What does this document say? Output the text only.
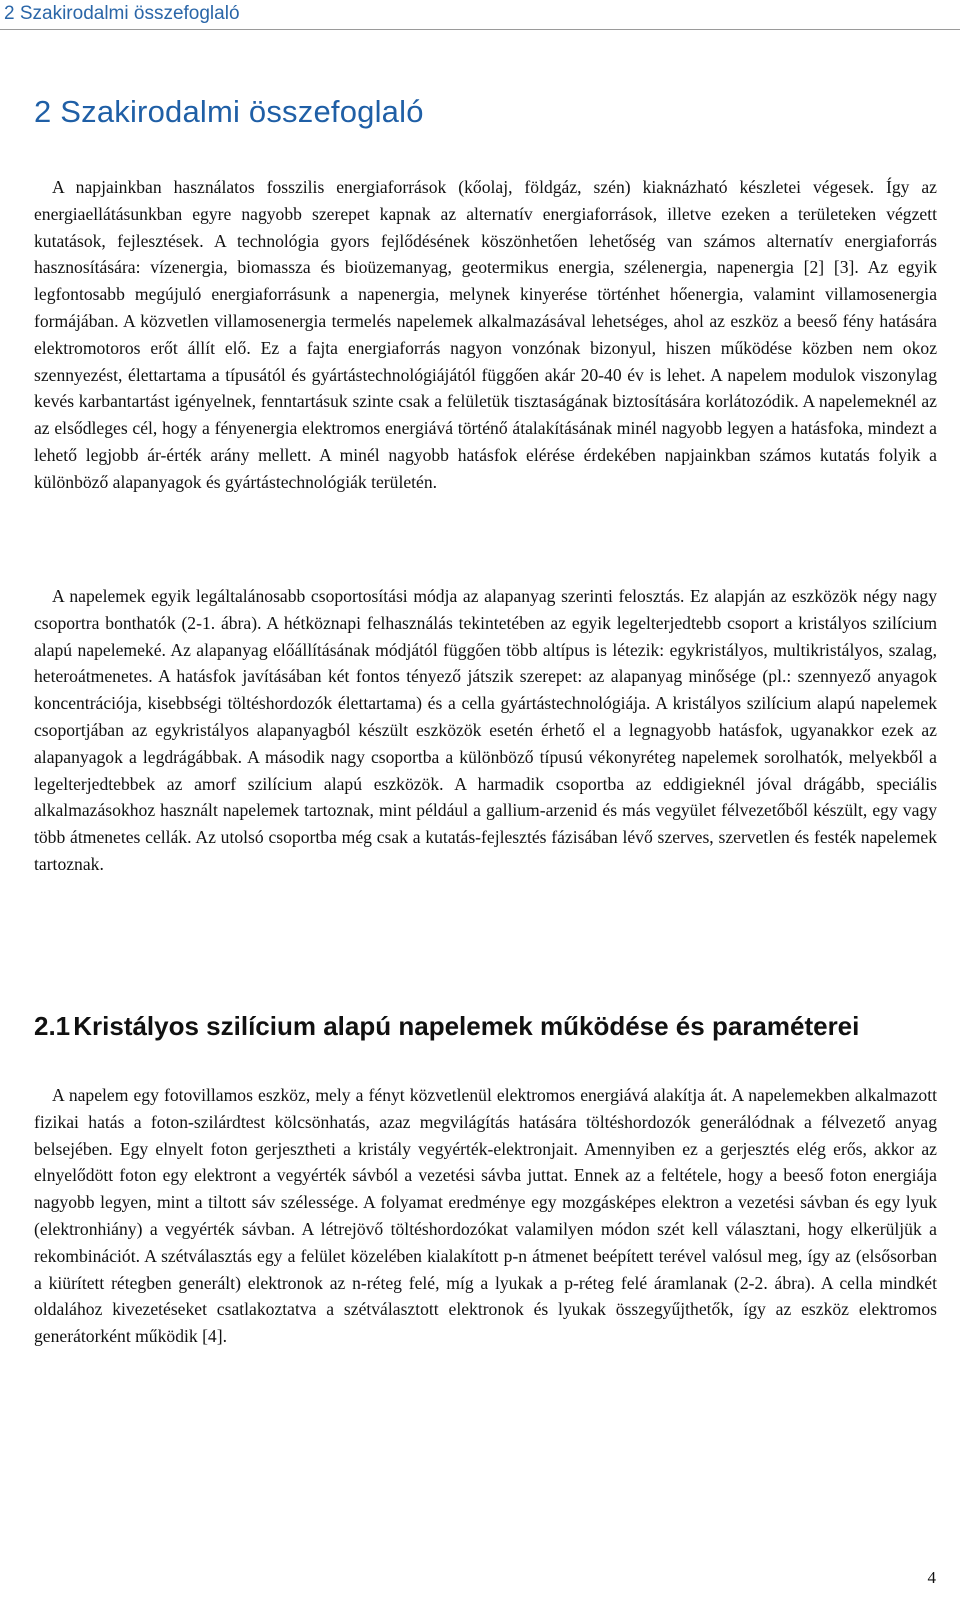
2 Szakirodalmi összefoglaló
2 Szakirodalmi összefoglaló

A napjainkban használatos fosszilis energiaforrások (kőolaj, földgáz, szén) kiaknázható készletei végesek. Így az energiaellátásunkban egyre nagyobb szerepet kapnak az alternatív energiaforrások, illetve ezeken a területeken végzett kutatások, fejlesztések. A technológia gyors fejlődésének köszönhetően lehetőség van számos alternatív energiaforrás hasznosítására: vízenergia, biomassza és bioüzemanyag, geotermikus energia, szélenergia, napenergia [2] [3]. Az egyik legfontosabb megújuló energiaforrásunk a napenergia, melynek kinyerése történhet hőenergia, valamint villamosenergia formájában. A közvetlen villamosenergia termelés napelemek alkalmazásával lehetséges, ahol az eszköz a beeső fény hatására elektromotoros erőt állít elő. Ez a fajta energiaforrás nagyon vonzónak bizonyul, hiszen működése közben nem okoz szennyezést, élettartama a típusától és gyártástechnológiájától függően akár 20-40 év is lehet. A napelem modulok viszonylag kevés karbantartást igényelnek, fenntartásuk szinte csak a felületük tisztaságának biztosítására korlátozódik. A napelemeknél az az elsődleges cél, hogy a fényenergia elektromos energiává történő átalakításának minél nagyobb legyen a hatásfoka, mindezt a lehető legjobb ár-érték arány mellett. A minél nagyobb hatásfok elérése érdekében napjainkban számos kutatás folyik a különböző alapanyagok és gyártástechnológiák területén.

A napelemek egyik legáltalánosabb csoportosítási módja az alapanyag szerinti felosztás. Ez alapján az eszközök négy nagy csoportra bonthatók (2-1. ábra). A hétköznapi felhasználás tekintetében az egyik legelterjedtebb csoport a kristályos szilícium alapú napelemeké. Az alapanyag előállításának módjától függően több altípus is létezik: egykristályos, multikristályos, szalag, heteroátmenetes. A hatásfok javításában két fontos tényező játszik szerepet: az alapanyag minősége (pl.: szennyező anyagok koncentrációja, kisebbségi töltéshordozók élettartama) és a cella gyártástechnológiája. A kristályos szilícium alapú napelemek csoportjában az egykristályos alapanyagból készült eszközök esetén érhető el a legnagyobb hatásfok, ugyanakkor ezek az alapanyagok a legdrágábbak. A második nagy csoportba a különböző típusú vékonyréteg napelemek sorolhatók, melyekből a legelterjedtebbek az amorf szilícium alapú eszközök. A harmadik csoportba az eddigieknél jóval drágább, speciális alkalmazásokhoz használt napelemek tartoznak, mint például a gallium-arzenid és más vegyület félvezetőből készült, egy vagy több átmenetes cellák. Az utolsó csoportba még csak a kutatás-fejlesztés fázisában lévő szerves, szervetlen és festék napelemek tartoznak.

2.1 Kristályos szilícium alapú napelemek működése és paraméterei

A napelem egy fotovillamos eszköz, mely a fényt közvetlenül elektromos energiává alakítja át. A napelemekben alkalmazott fizikai hatás a foton-szilárdtest kölcsönhatás, azaz megvilágítás hatására töltéshordozók generálódnak a félvezető anyag belsejében. Egy elnyelt foton gerjesztheti a kristály vegyérték-elektronjait. Amennyiben ez a gerjesztés elég erős, akkor az elnyelődött foton egy elektront a vegyérték sávból a vezetési sávba juttat. Ennek az a feltétele, hogy a beeső foton energiája nagyobb legyen, mint a tiltott sáv szélessége. A folyamat eredménye egy mozgásképes elektron a vezetési sávban és egy lyuk (elektronhiány) a vegyérték sávban. A létrejövő töltéshordozókat valamilyen módon szét kell választani, hogy elkerüljük a rekombinációt. A szétválasztás egy a felület közelében kialakított p-n átmenet beépített terével valósul meg, így az (elsősorban a kiürített rétegben generált) elektronok az n-réteg felé, míg a lyukak a p-réteg felé áramlanak (2-2. ábra). A cella mindkét oldalához kivezetéseket csatlakoztatva a szétválasztott elektronok és lyukak összegyűjthetők, így az eszköz elektromos generátorként működik [4].

4
